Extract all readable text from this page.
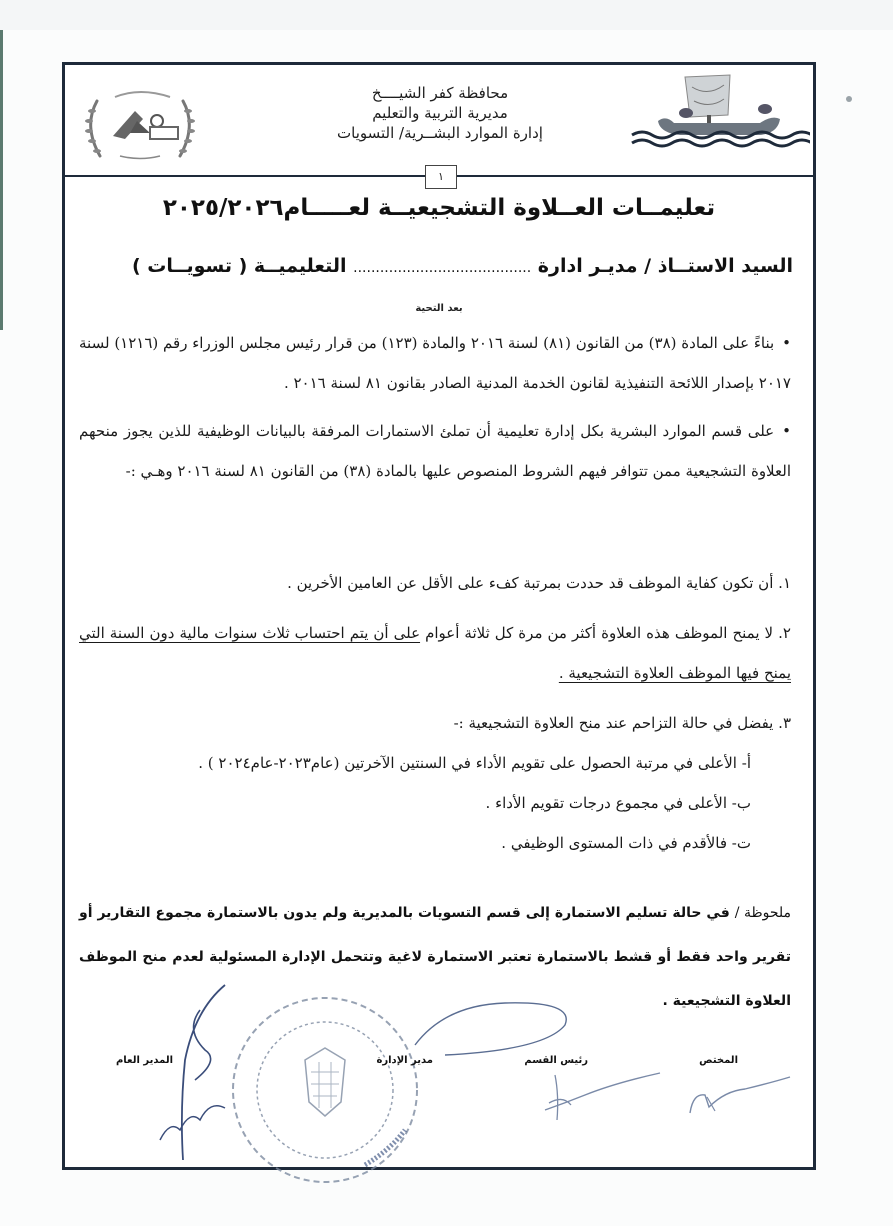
محافظة كفر الشيــــخ
مديرية التربية والتعليم
إدارة الموارد البشــرية/ التسويات
١
تعليمــات العــلاوة التشجيعيــة لعـــــام٢٠٢٥/٢٠٢٦
السيد الاستــاذ / مديـر ادارة ........................................ التعليميــة ( تسويــات )
بعد التحية

• بناءً على المادة (٣٨) من القانون (٨١) لسنة ٢٠١٦ والمادة (١٢٣) من قرار رئيس مجلس الوزراء رقم (١٢١٦) لسنة ٢٠١٧ بإصدار اللائحة التنفيذية لقانون الخدمة المدنية الصادر بقانون ٨١ لسنة ٢٠١٦ .

• على قسم الموارد البشرية بكل إدارة تعليمية أن تملئ الاستمارات المرفقة بالبيانات الوظيفية للذين يجوز منحهم العلاوة التشجيعية ممن تتوافر فيهم الشروط المنصوص عليها بالمادة (٣٨) من القانون ٨١ لسنة ٢٠١٦ وهـي :-

١. أن تكون كفاية الموظف قد حددت بمرتبة كفء على الأقل عن العامين الأخرين .

٢. لا يمنح الموظف هذه العلاوة أكثر من مرة كل ثلاثة أعوام على أن يتم احتساب ثلاث سنوات مالية دون السنة التي يمنح فيها الموظف العلاوة التشجيعية .

٣. يفضل في حالة التزاحم عند منح العلاوة التشجيعية :-

أ- الأعلى في مرتبة الحصول على تقويم الأداء في السنتين الآخرتين (عام٢٠٢٣-عام٢٠٢٤ ) .

ب- الأعلى في مجموع درجات تقويم الأداء .

ت- فالأقدم في ذات المستوى الوظيفي .

ملحوظة / في حالة تسليم الاستمارة إلى قسم التسويات بالمديرية ولم يدون بالاستمارة مجموع التقارير أو تقرير واحد فقط أو قشط بالاستمارة تعتبر الاستمارة لاغية وتتحمل الإدارة المسئولية لعدم منح الموظف العلاوة التشجيعية .
المختص
رئيس القسم
مدير الإدارة
المدير العام
